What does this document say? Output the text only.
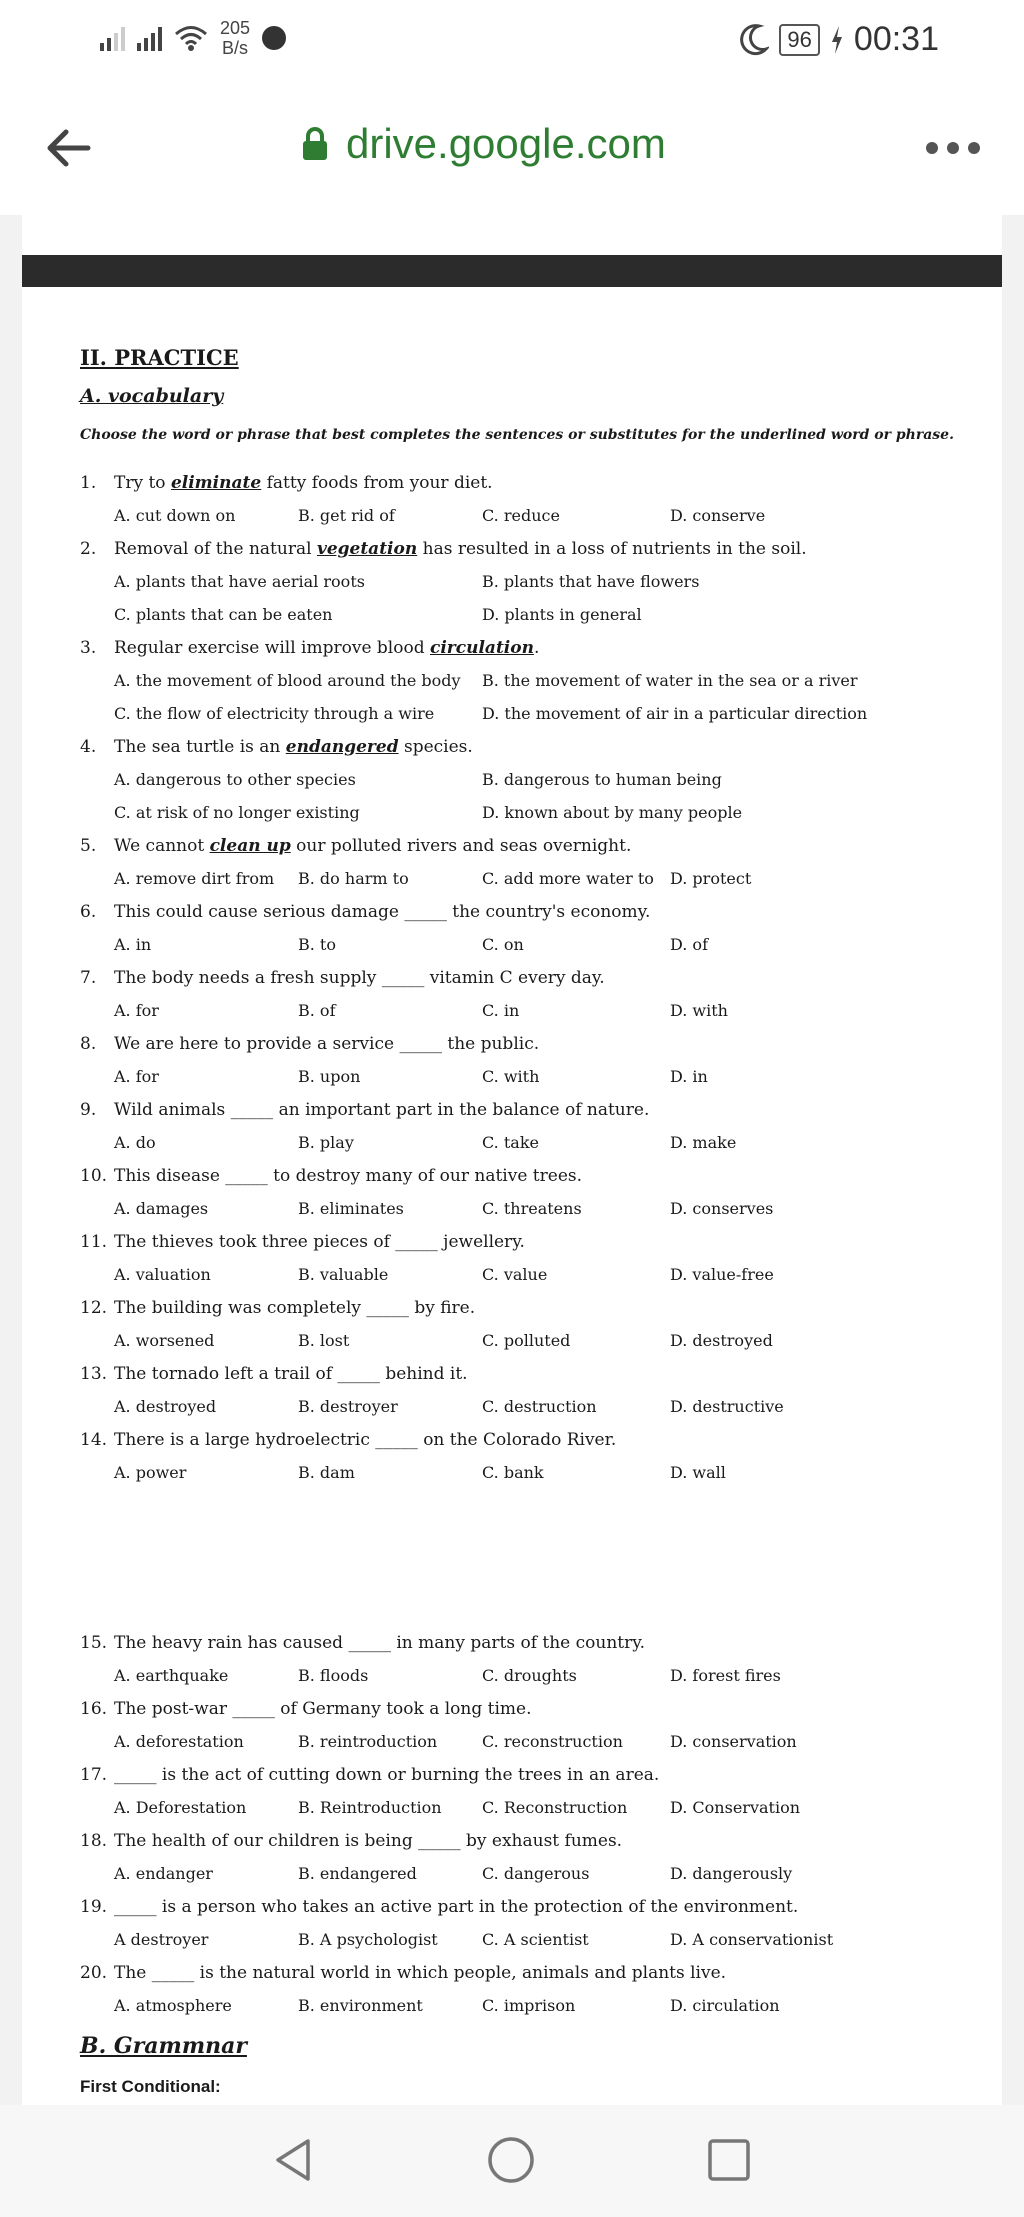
205
B/s	96 00:31
drive.google.com
II. PRACTICE
A. vocabulary
Choose the word or phrase that best completes the sentences or substitutes for the underlined word or phrase.
1. Try to eliminate fatty foods from your diet.
A. cut down on	B. get rid of	C. reduce	D. conserve
2. Removal of the natural vegetation has resulted in a loss of nutrients in the soil.
A. plants that have aerial roots	B. plants that have flowers
C. plants that can be eaten	D. plants in general
3. Regular exercise will improve blood circulation.
A. the movement of blood around the body B. the movement of water in the sea or a river
C. the flow of electricity through a wire	D. the movement of air in a particular direction
4. The sea turtle is an endangered species.
A. dangerous to other species	B. dangerous to human being
C. at risk of no longer existing	D. known about by many people
5. We cannot clean up our polluted rivers and seas overnight.
A. remove dirt from B. do harm to	C. add more water to D. protect
6. This could cause serious damage _____ the country's economy.
A. in	B. to	C. on	D. of
7. The body needs a fresh supply _____ vitamin C every day.
A. for	B. of	C. in	D. with
8. We are here to provide a service _____ the public.
A. for	B. upon	C. with	D. in
9. Wild animals _____ an important part in the balance of nature.
A. do	B. play	C. take	D. make
10. This disease _____ to destroy many of our native trees.
A. damages	B. eliminates	C. threatens	D. conserves
11. The thieves took three pieces of _____ jewellery.
A. valuation	B. valuable	C. value	D. value-free
12. The building was completely _____ by fire.
A. worsened	B. lost	C. polluted	D. destroyed
13. The tornado left a trail of _____ behind it.
A. destroyed	B. destroyer	C. destruction	D. destructive
14. There is a large hydroelectric _____ on the Colorado River.
A. power	B. dam	C. bank	D. wall
15. The heavy rain has caused _____ in many parts of the country.
A. earthquake	B. floods	C. droughts	D. forest fires
16. The post-war _____ of Germany took a long time.
A. deforestation	B. reintroduction	C. reconstruction	D. conservation
17. _____ is the act of cutting down or burning the trees in an area.
A. Deforestation	B. Reintroduction	C. Reconstruction	D. Conservation
18. The health of our children is being _____ by exhaust fumes.
A. endanger	B. endangered	C. dangerous	D. dangerously
19. _____ is a person who takes an active part in the protection of the environment.
A destroyer	B. A psychologist	C. A scientist	D. A conservationist
20. The _____ is the natural world in which people, animals and plants live.
A. atmosphere	B. environment	C. imprison	D. circulation
B. Grammnar
First Conditional:
